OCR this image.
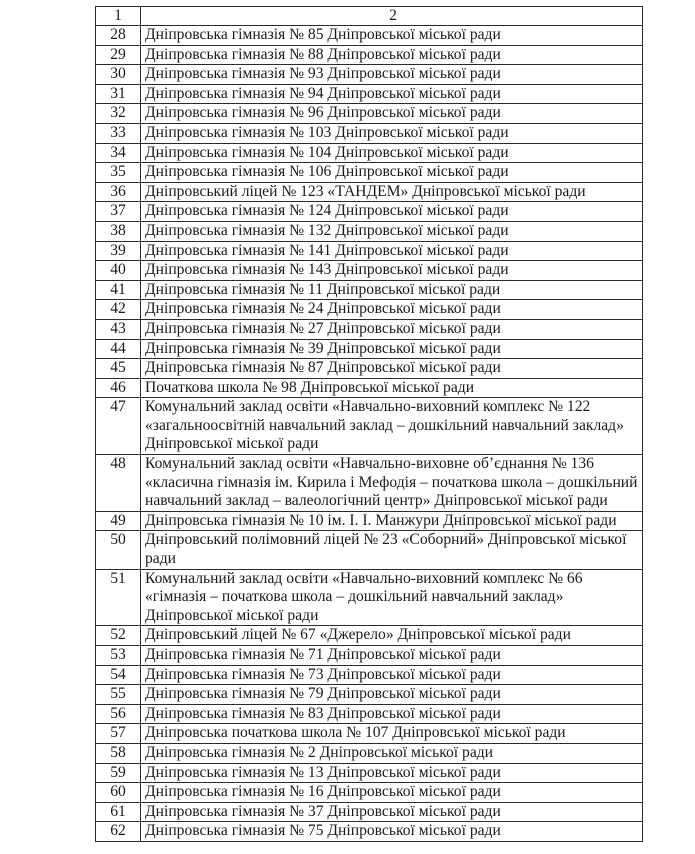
1	2
28	Дніпровська гімназія № 85 Дніпровської міської ради
29	Дніпровська гімназія № 88 Дніпровської міської ради
30	Дніпровська гімназія № 93 Дніпровської міської ради
31	Дніпровська гімназія № 94 Дніпровської міської ради
32	Дніпровська гімназія № 96 Дніпровської міської ради
33	Дніпровська гімназія № 103 Дніпровської міської ради
34	Дніпровська гімназія № 104 Дніпровської міської ради
35	Дніпровська гімназія № 106 Дніпровської міської ради
36	Дніпровський ліцей № 123 «ТАНДЕМ» Дніпровської міської ради
37	Дніпровська гімназія № 124 Дніпровської міської ради
38	Дніпровська гімназія № 132 Дніпровської міської ради
39	Дніпровська гімназія № 141 Дніпровської міської ради
40	Дніпровська гімназія № 143 Дніпровської міської ради
41	Дніпровська гімназія № 11 Дніпровської міської ради
42	Дніпровська гімназія № 24 Дніпровської міської ради
43	Дніпровська гімназія № 27 Дніпровської міської ради
44	Дніпровська гімназія № 39 Дніпровської міської ради
45	Дніпровська гімназія № 87 Дніпровської міської ради
46	Початкова школа № 98 Дніпровської міської ради
47	Комунальний заклад освіти «Навчально-виховний комплекс № 122 «загальноосвітній навчальний заклад – дошкільний навчальний заклад» Дніпровської міської ради
48	Комунальний заклад освіти «Навчально-виховне об’єднання № 136 «класична гімназія ім. Кирила і Мефодія – початкова школа – дошкільний навчальний заклад – валеологічний центр» Дніпровської міської ради
49	Дніпровська гімназія № 10 ім. І. І. Манжури Дніпровської міської ради
50	Дніпровський полімовний ліцей № 23 «Соборний» Дніпровської міської ради
51	Комунальний заклад освіти «Навчально-виховний комплекс № 66 «гімназія – початкова школа – дошкільний навчальний заклад» Дніпровської міської ради
52	Дніпровський ліцей № 67 «Джерело» Дніпровської міської ради
53	Дніпровська гімназія № 71 Дніпровської міської ради
54	Дніпровська гімназія № 73 Дніпровської міської ради
55	Дніпровська гімназія № 79 Дніпровської міської ради
56	Дніпровська гімназія № 83 Дніпровської міської ради
57	Дніпровська початкова школа № 107 Дніпровської міської ради
58	Дніпровська гімназія № 2 Дніпровської міської ради
59	Дніпровська гімназія № 13 Дніпровської міської ради
60	Дніпровська гімназія № 16 Дніпровської міської ради
61	Дніпровська гімназія № 37 Дніпровської міської ради
62	Дніпровська гімназія № 75 Дніпровської міської ради
